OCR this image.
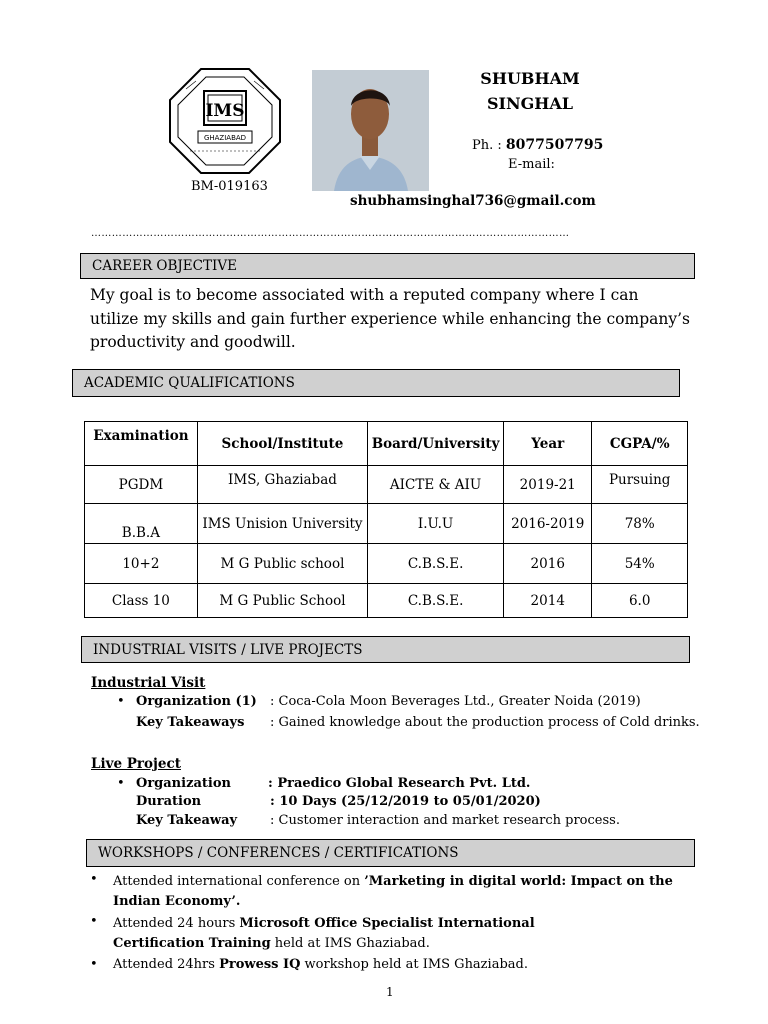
IMS
GHAZIABAD
BM-019163
SHUBHAM
SINGHAL
Ph. : 8077507795
E-mail:
shubhamsinghal736@gmail.com
…………………………………………………………………………………………………………………………
CAREER OBJECTIVE
My goal is to become associated with a reputed company where I can utilize my skills and gain further experience while enhancing the company’s productivity and goodwill.
ACADEMIC QUALIFICATIONS
Examination	School/Institute	Board/University	Year	CGPA/%
PGDM	IMS, Ghaziabad	AICTE & AIU	2019-21	Pursuing
B.B.A	IMS Unision University	I.U.U	2016-2019	78%
10+2	M G Public school	C.B.S.E.	2016	54%
Class 10	M G Public School	C.B.S.E.	2014	6.0
INDUSTRIAL VISITS / LIVE PROJECTS
Industrial Visit
• Organization (1) : Coca-Cola Moon Beverages Ltd., Greater Noida (2019)
Key Takeaways : Gained knowledge about the production process of Cold drinks.
Live Project
• Organization	: Praedico Global Research Pvt. Ltd.
Duration	: 10 Days (25/12/2019 to 05/01/2020)
Key Takeaway	: Customer interaction and market research process.
WORKSHOPS / CONFERENCES / CERTIFICATIONS
• Attended international conference on ’Marketing in digital world: Impact on the Indian Economy’.
• Attended 24 hours Microsoft Office Specialist International Certification Training held at IMS Ghaziabad.
• Attended 24hrs Prowess IQ workshop held at IMS Ghaziabad.
1
